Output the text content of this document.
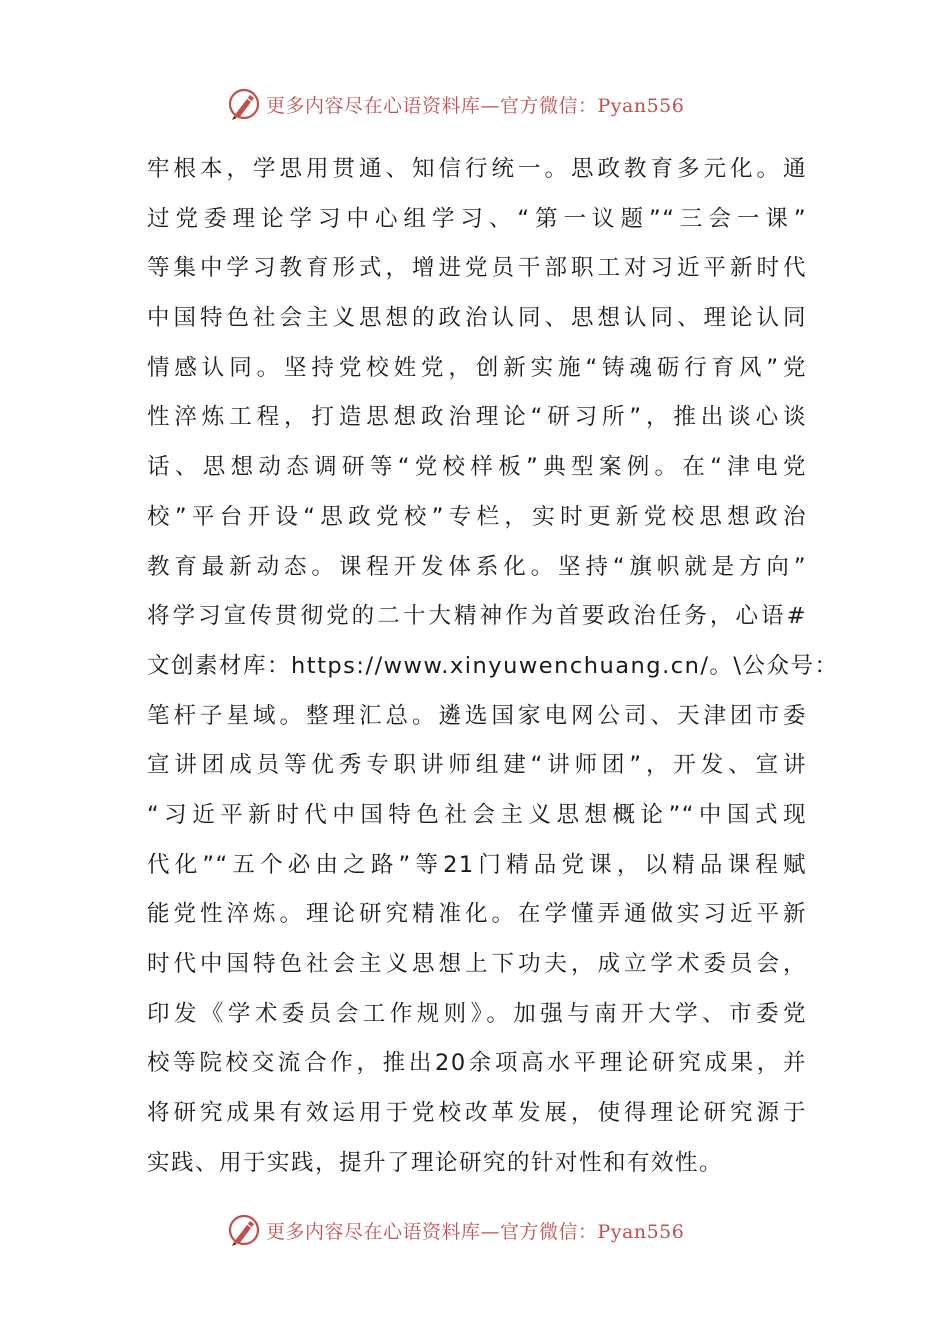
更多内容尽在心语资料库—官方微信：Pyan556
牢根本，学思用贯通、知信行统一。思政教育多元化。通
过党委理论学习中心组学习、“第一议题”“三会一课”
等集中学习教育形式，增进党员干部职工对习近平新时代
中国特色社会主义思想的政治认同、思想认同、理论认同
情感认同。坚持党校姓党，创新实施“铸魂砺行育风”党
性淬炼工程，打造思想政治理论“研习所”，推出谈心谈
话、思想动态调研等“党校样板”典型案例。在“津电党
校”平台开设“思政党校”专栏，实时更新党校思想政治
教育最新动态。课程开发体系化。坚持“旗帜就是方向”
将学习宣传贯彻党的二十大精神作为首要政治任务，心语#
文创素材库：https://www.xinyuwenchuang.cn/。\公众号：
笔杆子星域。整理汇总。遴选国家电网公司、天津团市委
宣讲团成员等优秀专职讲师组建“讲师团”，开发、宣讲
“习近平新时代中国特色社会主义思想概论”“中国式现
代化”“五个必由之路”等21门精品党课，以精品课程赋
能党性淬炼。理论研究精准化。在学懂弄通做实习近平新
时代中国特色社会主义思想上下功夫，成立学术委员会，
印发《学术委员会工作规则》。加强与南开大学、市委党
校等院校交流合作，推出20余项高水平理论研究成果，并
将研究成果有效运用于党校改革发展，使得理论研究源于
实践、用于实践，提升了理论研究的针对性和有效性。
更多内容尽在心语资料库—官方微信：Pyan556
